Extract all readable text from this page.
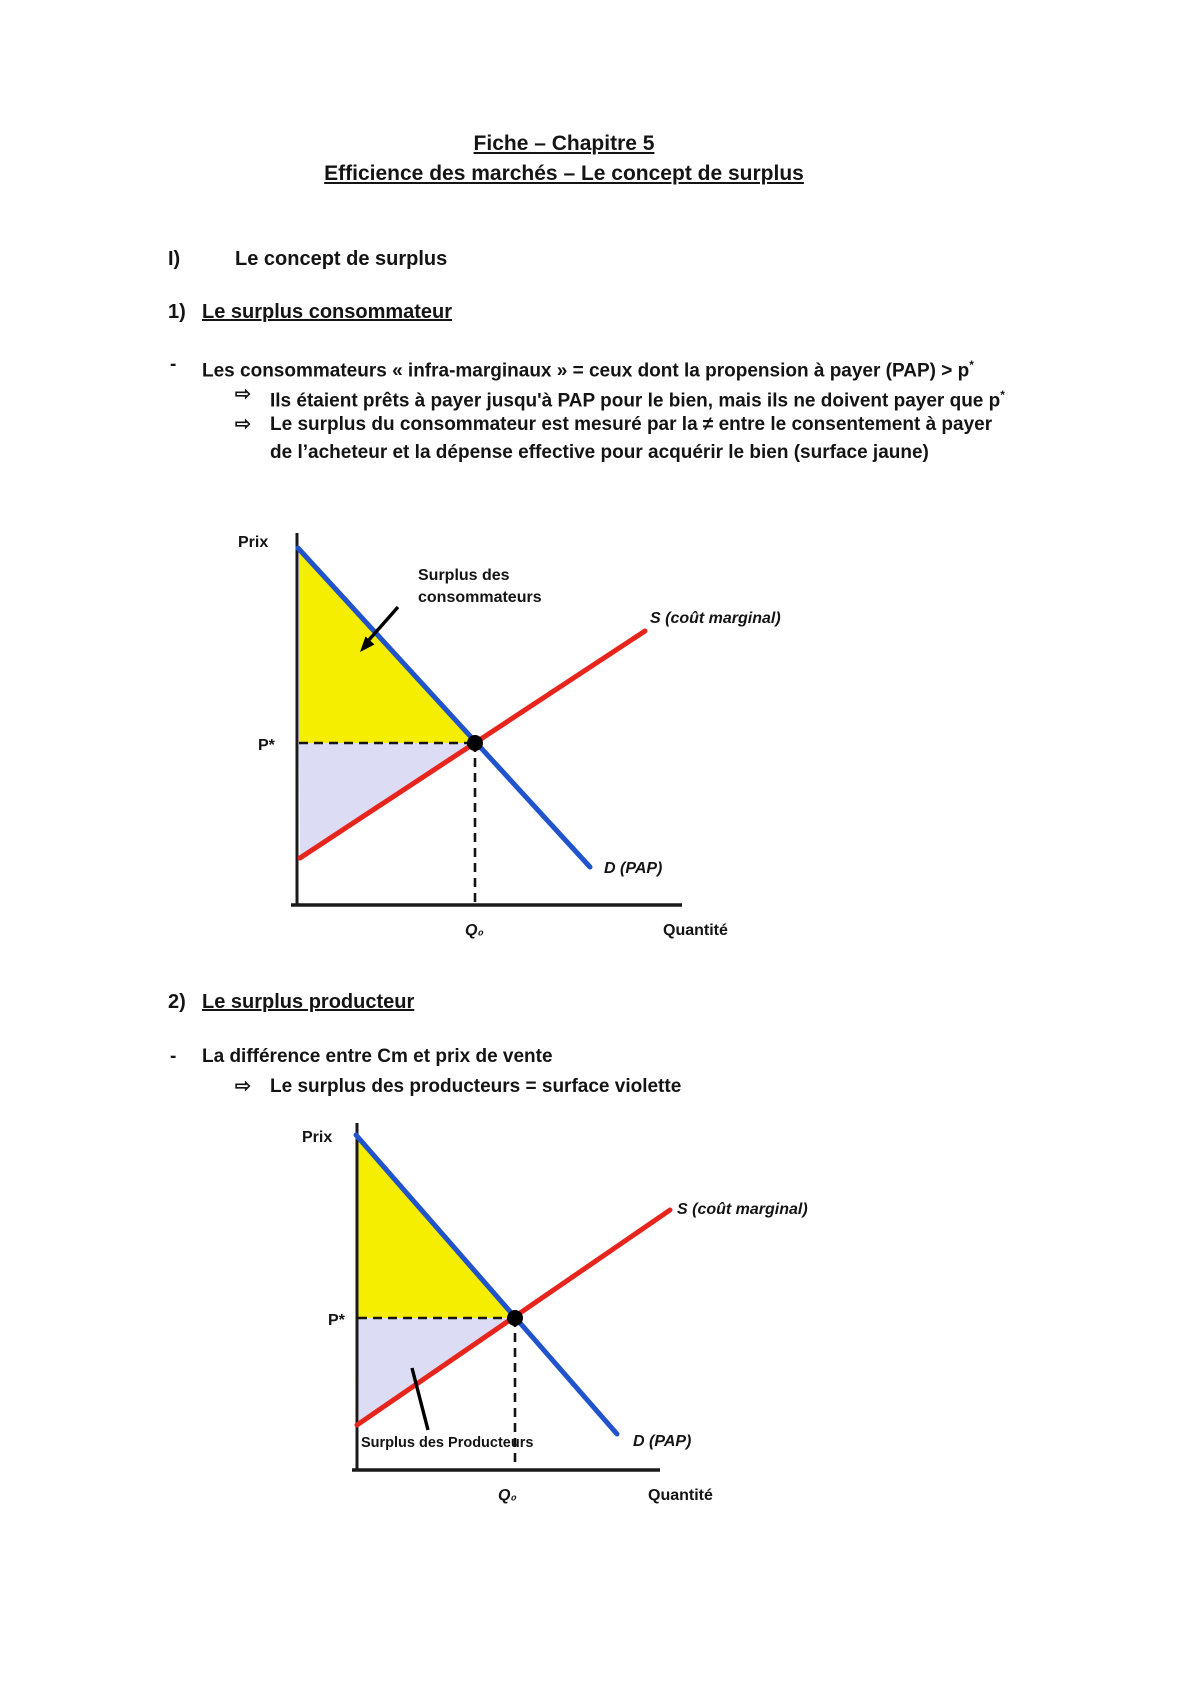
Fiche – Chapitre 5
Efficience des marchés – Le concept de surplus
I)	Le concept de surplus
1) Le surplus consommateur
- Les consommateurs « infra-marginaux » = ceux dont la propension à payer (PAP) > p*
⇨ Ils étaient prêts à payer jusqu'à PAP pour le bien, mais ils ne doivent payer que p*
⇨ Le surplus du consommateur est mesuré par la ≠ entre le consentement à payer
de l’acheteur et la dépense effective pour acquérir le bien (surface jaune)
Prix
Surplus des
consommateurs
S (coût marginal)
P*
D (PAP)
Q₀	Quantité
2) Le surplus producteur
- La différence entre Cm et prix de vente
⇨ Le surplus des producteurs = surface violette
Prix
S (coût marginal)
P*
D (PAP)
Surplus des Producteurs
Q₀	Quantité
